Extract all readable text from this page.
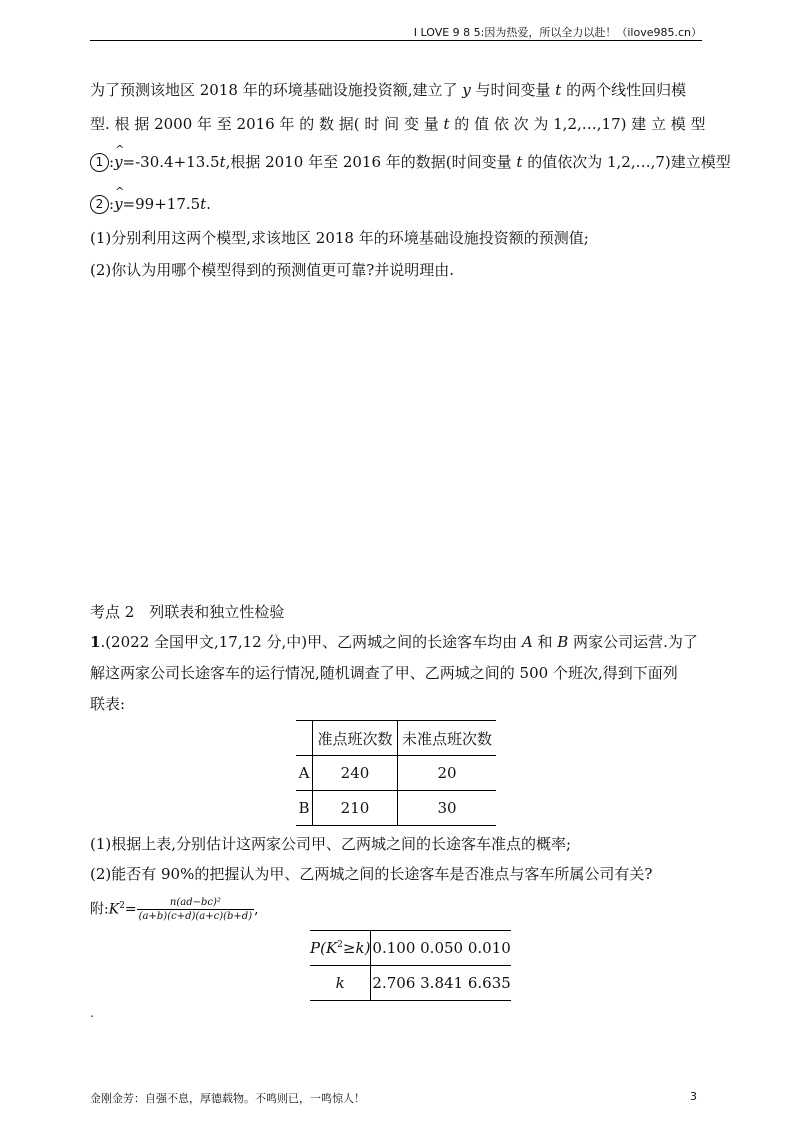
I LOVE 9 8 5:因为热爱，所以全力以赴！（ilove985.cn）
为了预测该地区 2018 年的环境基础设施投资额,建立了 y 与时间变量 t 的两个线性回归模
型. 根 据 2000 年 至 2016 年 的 数 据( 时 间 变 量 t 的 值 依 次 为 1,2,…,17) 建 立 模 型
1 :^ y=-30.4+13.5t,根据 2010 年至 2016 年的数据(时间变量 t 的值依次为 1,2,…,7)建立模型
2 :^ y=99+17.5t.
(1)分别利用这两个模型,求该地区 2018 年的环境基础设施投资额的预测值;
(2)你认为用哪个模型得到的预测值更可靠?并说明理由.
考点 2　列联表和独立性检验
1.(2022 全国甲文,17,12 分,中)甲、乙两城之间的长途客车均由 A 和 B 两家公司运营.为了
解这两家公司长途客车的运行情况,随机调查了甲、乙两城之间的 500 个班次,得到下面列
联表:
	准点班次数	未准点班次数
A	240	20
B	210	30
(1)根据上表,分别估计这两家公司甲、乙两城之间的长途客车准点的概率;
(2)能否有 90%的把握认为甲、乙两城之间的长途客车是否准点与客车所属公司有关?
附$:K^2= \frac{\text{n(ad−bc)²}}{(a+b)(c+d)(a+c)(b+d)}$ ,
$P(K^2\ge k)$	0.100 0.050 0.010
k	2.706 3.841 6.635
.
金刚金芳：自强不息，厚德载物。不鸣则已，一鸣惊人！	3
